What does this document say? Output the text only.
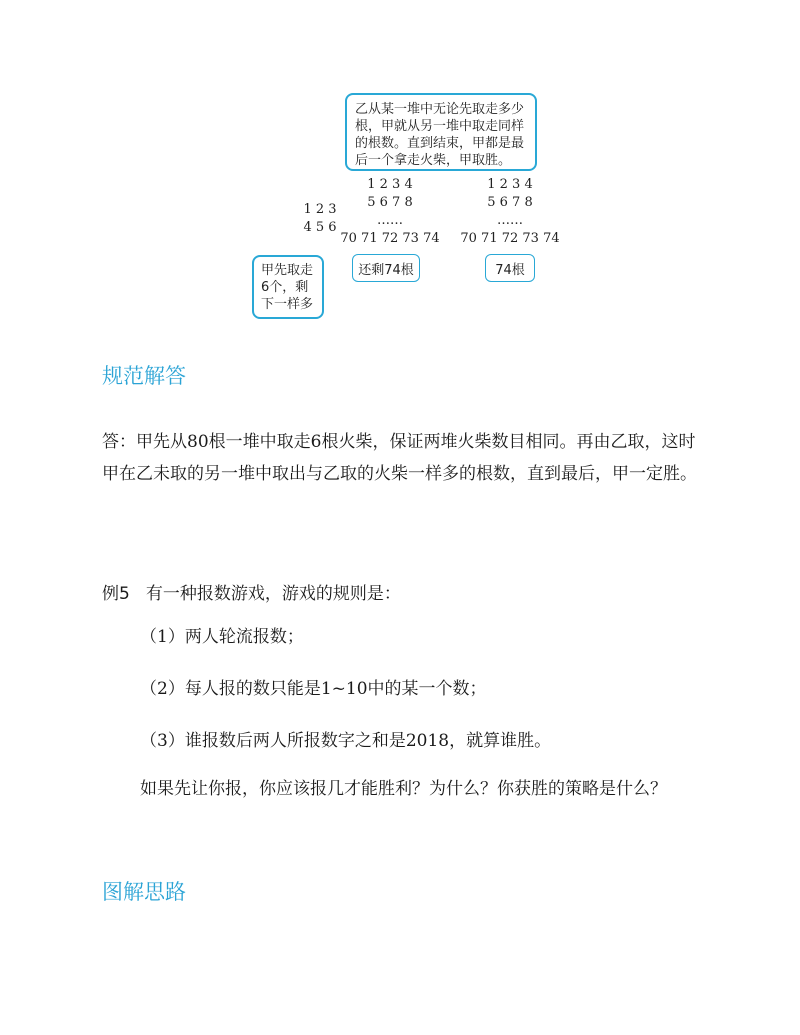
乙从某一堆中无论先取走多少
根，甲就从另一堆中取走同样
的根数。直到结束，甲都是最
后一个拿走火柴，甲取胜。
1 2 3
4 5 6
1 2 3 4
5 6 7 8
……
70 71 72 73 74
1 2 3 4
5 6 7 8
……
70 71 72 73 74
甲先取走
6个，剩
下一样多
还剩74根	74根
规范解答
答：甲先从80根一堆中取走6根火柴，保证两堆火柴数目相同。再由乙取，这时甲在乙未取的另一堆中取出与乙取的火柴一样多的根数，直到最后，甲一定胜。
例5 有一种报数游戏，游戏的规则是：
（1）两人轮流报数；
（2）每人报的数只能是1~10中的某一个数；
（3）谁报数后两人所报数字之和是2018，就算谁胜。
如果先让你报，你应该报几才能胜利？为什么？你获胜的策略是什么？
图解思路
